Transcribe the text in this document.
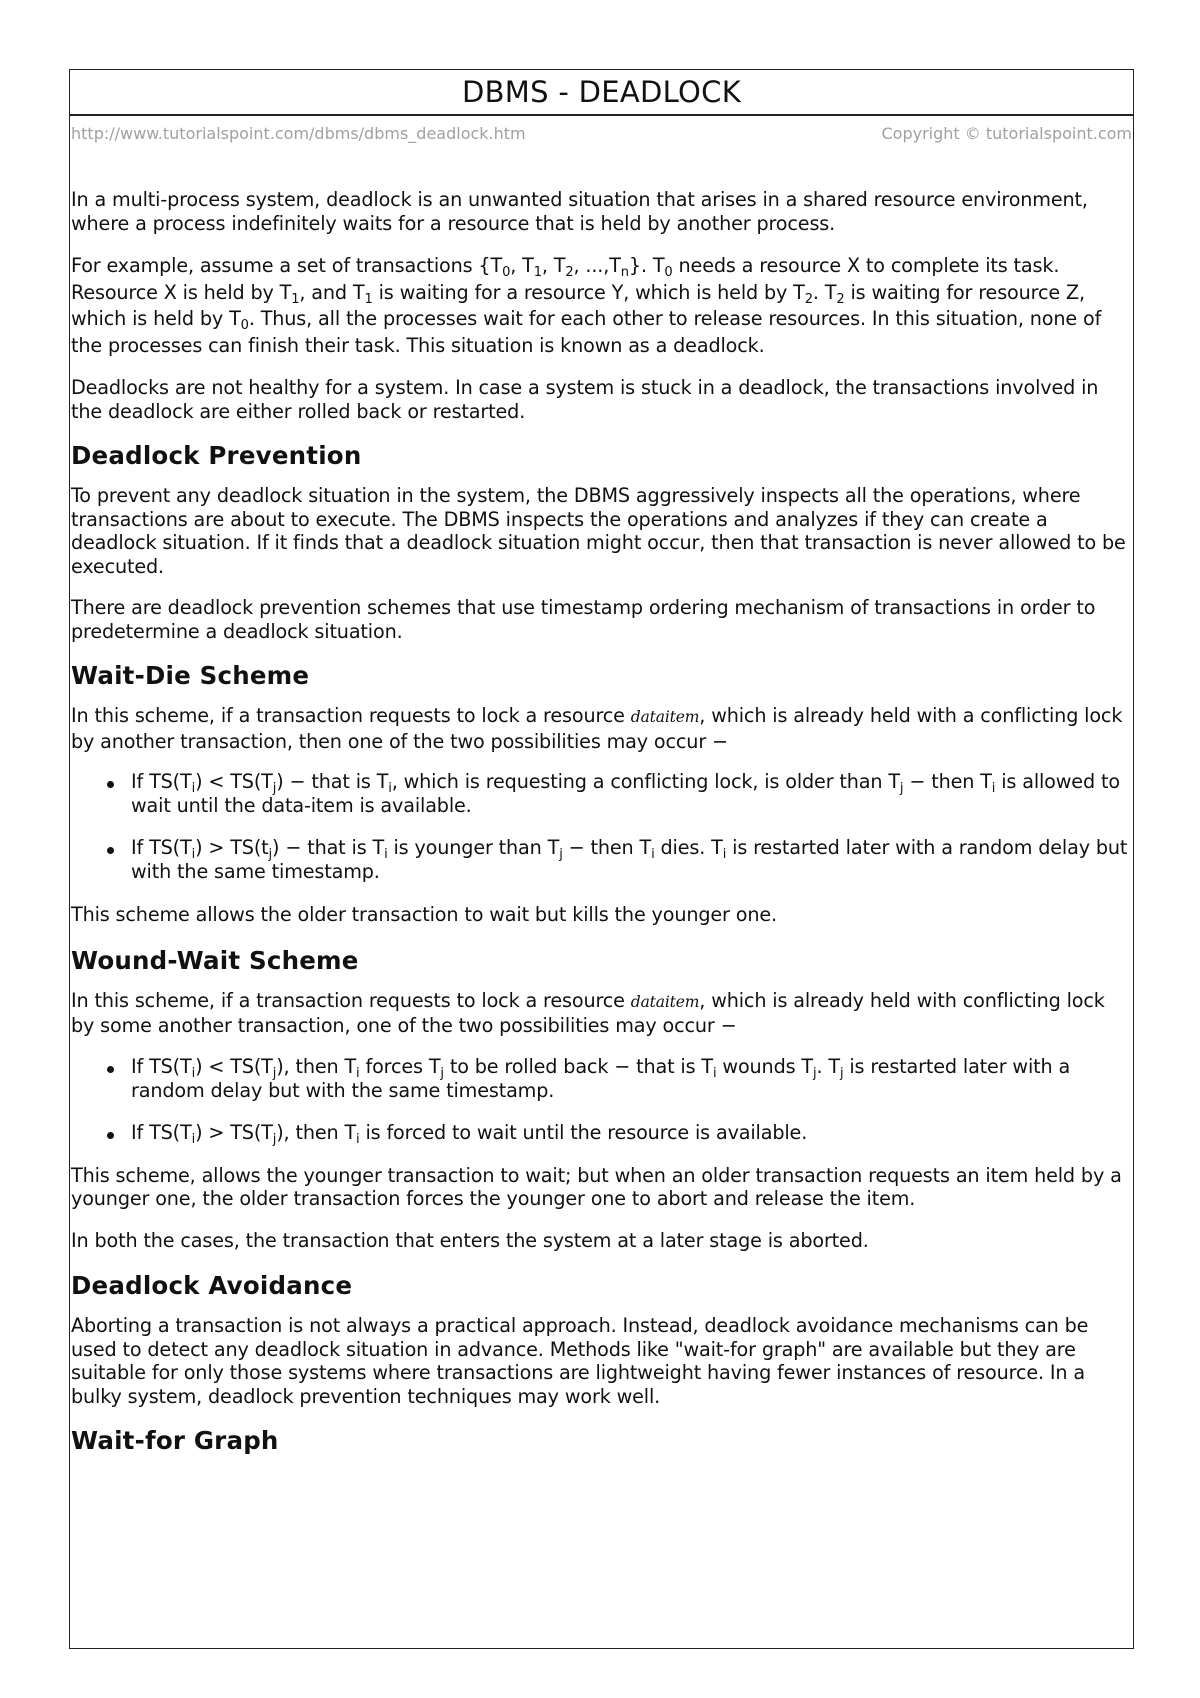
DBMS - DEADLOCK
http://www.tutorialspoint.com/dbms/dbms_deadlock.htm	Copyright © tutorialspoint.com

In a multi-process system, deadlock is an unwanted situation that arises in a shared resource environment, where a process indefinitely waits for a resource that is held by another process.

For example, assume a set of transactions {$T_0$, $T_1$, $T_2$, $...,T_n$}. $T_0$ needs a resource X to complete its task. Resource X is held by $T_1$, and $T_1$ is waiting for a resource Y, which is held by $T_2$. $T_2$ is waiting for resource Z, which is held by $T_0$. Thus, all the processes wait for each other to release resources. In this situation, none of the processes can finish their task. This situation is known as a deadlock.

Deadlocks are not healthy for a system. In case a system is stuck in a deadlock, the transactions involved in the deadlock are either rolled back or restarted.

Deadlock Prevention

To prevent any deadlock situation in the system, the DBMS aggressively inspects all the operations, where transactions are about to execute. The DBMS inspects the operations and analyzes if they can create a deadlock situation. If it finds that a deadlock situation might occur, then that transaction is never allowed to be executed.

There are deadlock prevention schemes that use timestamp ordering mechanism of transactions in order to predetermine a deadlock situation.

Wait-Die Scheme

In this scheme, if a transaction requests to lock a resource dataitem, which is already held with a conflicting lock by another transaction, then one of the two possibilities may occur −

If $TS(T_i) < TS(T_j)$ − that is $T_i$, which is requesting a conflicting lock, is older than $T_j$ − then $T_i$ is allowed to wait until the data-item is available.
If $TS(T_i) > TS(t_j)$ − that is $T_i$ is younger than $T_j$ − then $T_i$ dies. $T_i$ is restarted later with a random delay but with the same timestamp.

This scheme allows the older transaction to wait but kills the younger one.

Wound-Wait Scheme

In this scheme, if a transaction requests to lock a resource dataitem, which is already held with conflicting lock by some another transaction, one of the two possibilities may occur −

If $TS(T_i) < TS(T_j)$, then $T_i$ forces $T_j$ to be rolled back − that is $T_i$ wounds $T_j$. $T_j$ is restarted later with a random delay but with the same timestamp.
If $TS(T_i) > TS(T_j)$, then $T_i$ is forced to wait until the resource is available.

This scheme, allows the younger transaction to wait; but when an older transaction requests an item held by a younger one, the older transaction forces the younger one to abort and release the item.

In both the cases, the transaction that enters the system at a later stage is aborted.

Deadlock Avoidance

Aborting a transaction is not always a practical approach. Instead, deadlock avoidance mechanisms can be used to detect any deadlock situation in advance. Methods like "wait-for graph" are available but they are suitable for only those systems where transactions are lightweight having fewer instances of resource. In a bulky system, deadlock prevention techniques may work well.

Wait-for Graph
